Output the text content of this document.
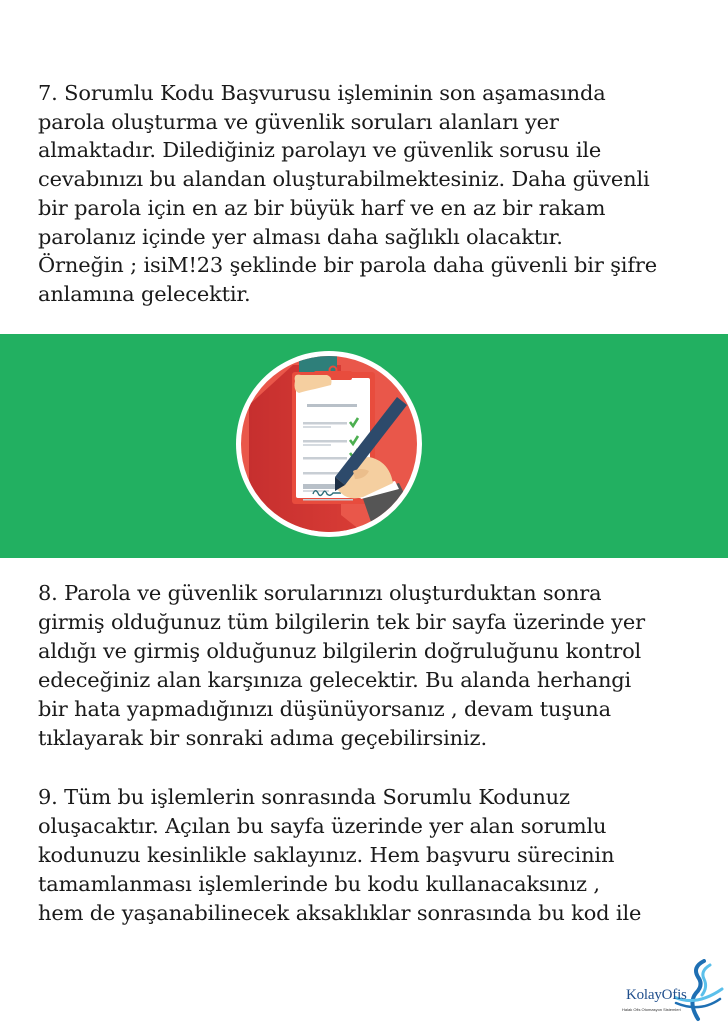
7. Sorumlu Kodu Başvurusu işleminin son aşamasında
parola oluşturma ve güvenlik soruları alanları yer
almaktadır. Dilediğiniz parolayı ve güvenlik sorusu ile
cevabınızı bu alandan oluşturabilmektesiniz. Daha güvenli
bir parola için en az bir büyük harf ve en az bir rakam
parolanız içinde yer alması daha sağlıklı olacaktır.
Örneğin ; isiM!23 şeklinde bir parola daha güvenli bir şifre
anlamına gelecektir.
8. Parola ve güvenlik sorularınızı oluşturduktan sonra
girmiş olduğunuz tüm bilgilerin tek bir sayfa üzerinde yer
aldığı ve girmiş olduğunuz bilgilerin doğruluğunu kontrol
edeceğiniz alan karşınıza gelecektir. Bu alanda herhangi
bir hata yapmadığınızı düşünüyorsanız , devam tuşuna
tıklayarak bir sonraki adıma geçebilirsiniz.
9. Tüm bu işlemlerin sonrasında Sorumlu Kodunuz
oluşacaktır. Açılan bu sayfa üzerinde yer alan sorumlu
kodunuzu kesinlikle saklayınız. Hem başvuru sürecinin
tamamlanması işlemlerinde bu kodu kullanacaksınız ,
hem de yaşanabilinecek aksaklıklar sonrasında bu kod ile
KolayOfis
Halak Ofis Otomasyon Sistemleri
